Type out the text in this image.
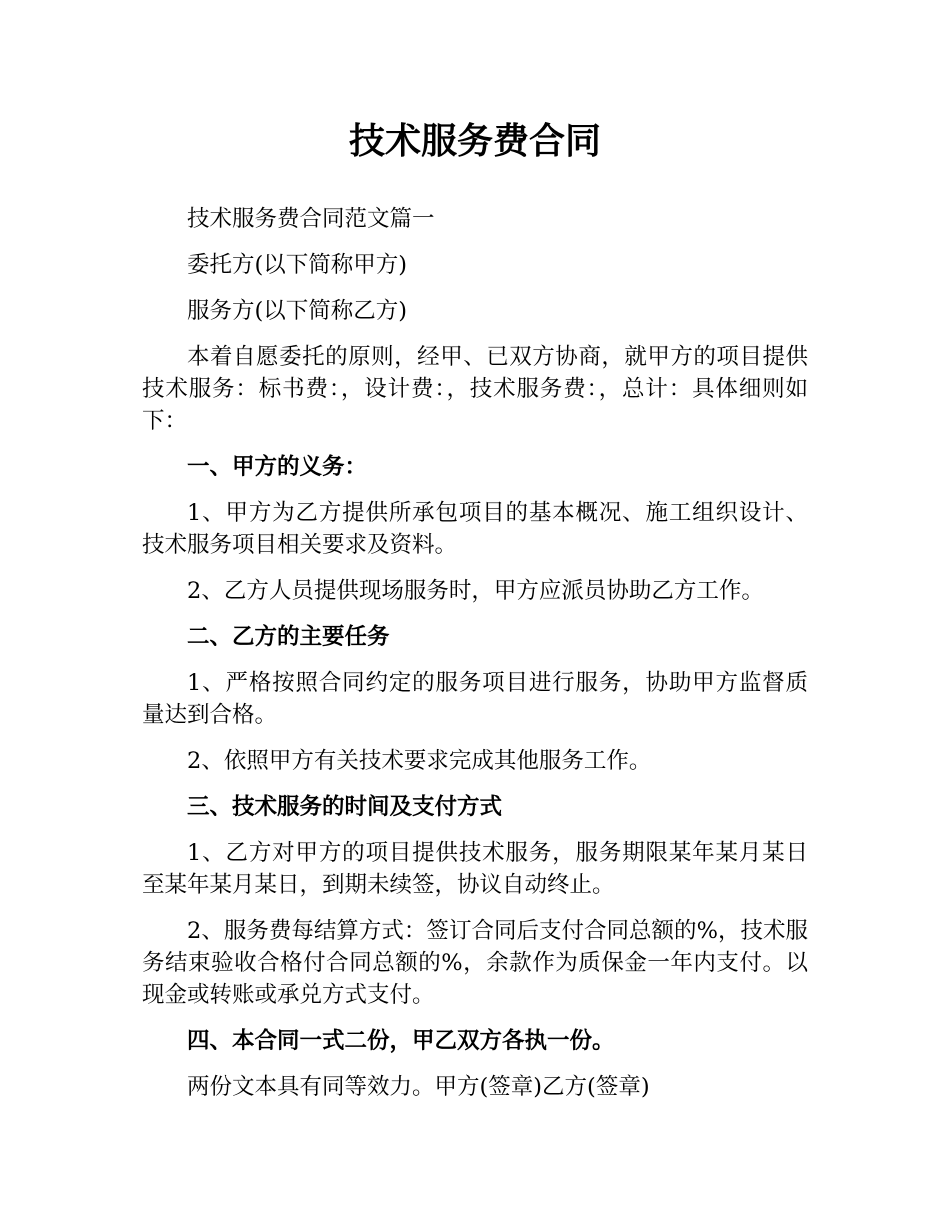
技术服务费合同

技术服务费合同范文篇一

委托方(以下简称甲方)

服务方(以下简称乙方)

本着自愿委托的原则，经甲、已双方协商，就甲方的项目提供技术服务：标书费：，设计费：，技术服务费：，总计：具体细则如下：

一、甲方的义务：

1、甲方为乙方提供所承包项目的基本概况、施工组织设计、技术服务项目相关要求及资料。

2、乙方人员提供现场服务时，甲方应派员协助乙方工作。

二、乙方的主要任务

1、严格按照合同约定的服务项目进行服务，协助甲方监督质量达到合格。

2、依照甲方有关技术要求完成其他服务工作。

三、技术服务的时间及支付方式

1、乙方对甲方的项目提供技术服务，服务期限某年某月某日至某年某月某日，到期未续签，协议自动终止。

2、服务费每结算方式：签订合同后支付合同总额的%，技术服务结束验收合格付合同总额的%，余款作为质保金一年内支付。以现金或转账或承兑方式支付。

四、本合同一式二份，甲乙双方各执一份。

两份文本具有同等效力。甲方(签章)乙方(签章)
